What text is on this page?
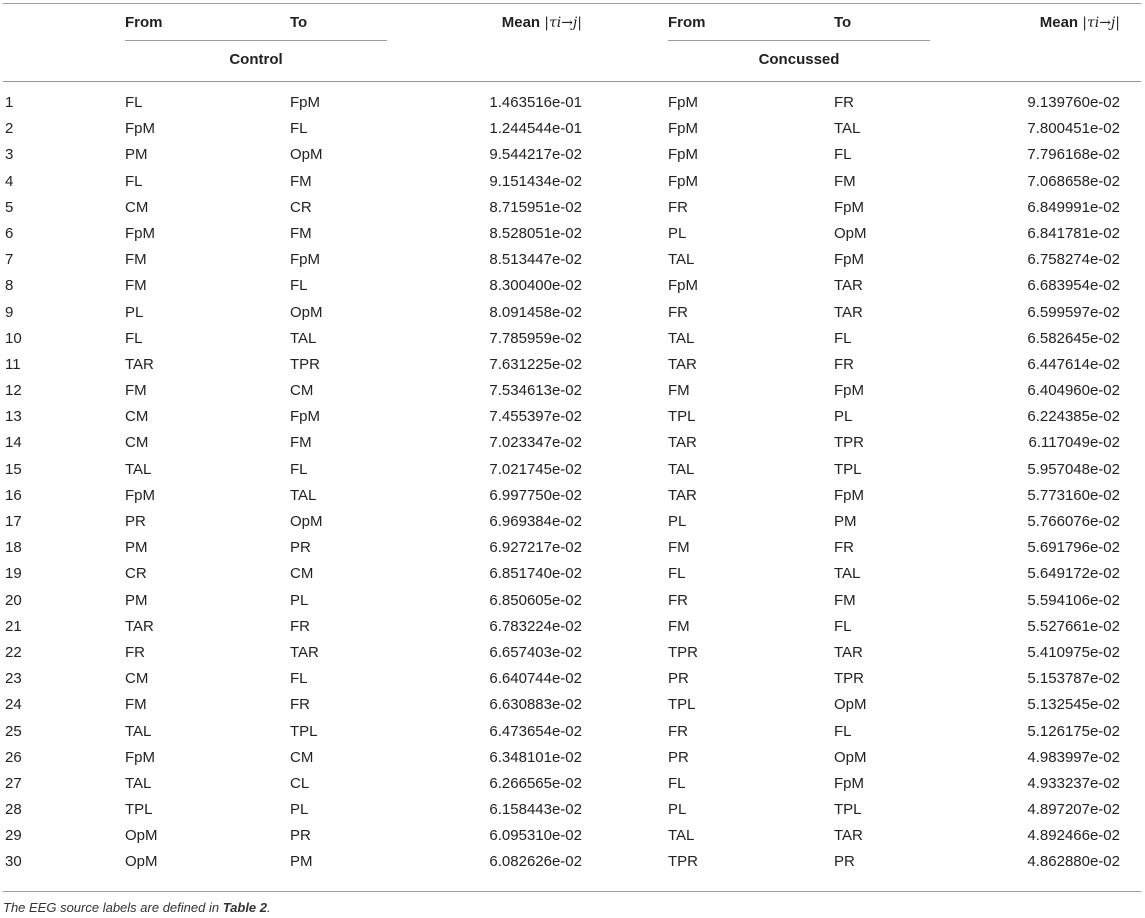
From	To	Mean |τi→j|	From	To	Mean |τi→j|
Control	Concussed
1	FL	FpM	1.463516e-01	FpM	FR	9.139760e-02
2	FpM	FL	1.244544e-01	FpM	TAL	7.800451e-02
3	PM	OpM	9.544217e-02	FpM	FL	7.796168e-02
4	FL	FM	9.151434e-02	FpM	FM	7.068658e-02
5	CM	CR	8.715951e-02	FR	FpM	6.849991e-02
6	FpM	FM	8.528051e-02	PL	OpM	6.841781e-02
7	FM	FpM	8.513447e-02	TAL	FpM	6.758274e-02
8	FM	FL	8.300400e-02	FpM	TAR	6.683954e-02
9	PL	OpM	8.091458e-02	FR	TAR	6.599597e-02
10	FL	TAL	7.785959e-02	TAL	FL	6.582645e-02
11	TAR	TPR	7.631225e-02	TAR	FR	6.447614e-02
12	FM	CM	7.534613e-02	FM	FpM	6.404960e-02
13	CM	FpM	7.455397e-02	TPL	PL	6.224385e-02
14	CM	FM	7.023347e-02	TAR	TPR	6.117049e-02
15	TAL	FL	7.021745e-02	TAL	TPL	5.957048e-02
16	FpM	TAL	6.997750e-02	TAR	FpM	5.773160e-02
17	PR	OpM	6.969384e-02	PL	PM	5.766076e-02
18	PM	PR	6.927217e-02	FM	FR	5.691796e-02
19	CR	CM	6.851740e-02	FL	TAL	5.649172e-02
20	PM	PL	6.850605e-02	FR	FM	5.594106e-02
21	TAR	FR	6.783224e-02	FM	FL	5.527661e-02
22	FR	TAR	6.657403e-02	TPR	TAR	5.410975e-02
23	CM	FL	6.640744e-02	PR	TPR	5.153787e-02
24	FM	FR	6.630883e-02	TPL	OpM	5.132545e-02
25	TAL	TPL	6.473654e-02	FR	FL	5.126175e-02
26	FpM	CM	6.348101e-02	PR	OpM	4.983997e-02
27	TAL	CL	6.266565e-02	FL	FpM	4.933237e-02
28	TPL	PL	6.158443e-02	PL	TPL	4.897207e-02
29	OpM	PR	6.095310e-02	TAL	TAR	4.892466e-02
30	OpM	PM	6.082626e-02	TPR	PR	4.862880e-02
The EEG source labels are defined in Table 2.
